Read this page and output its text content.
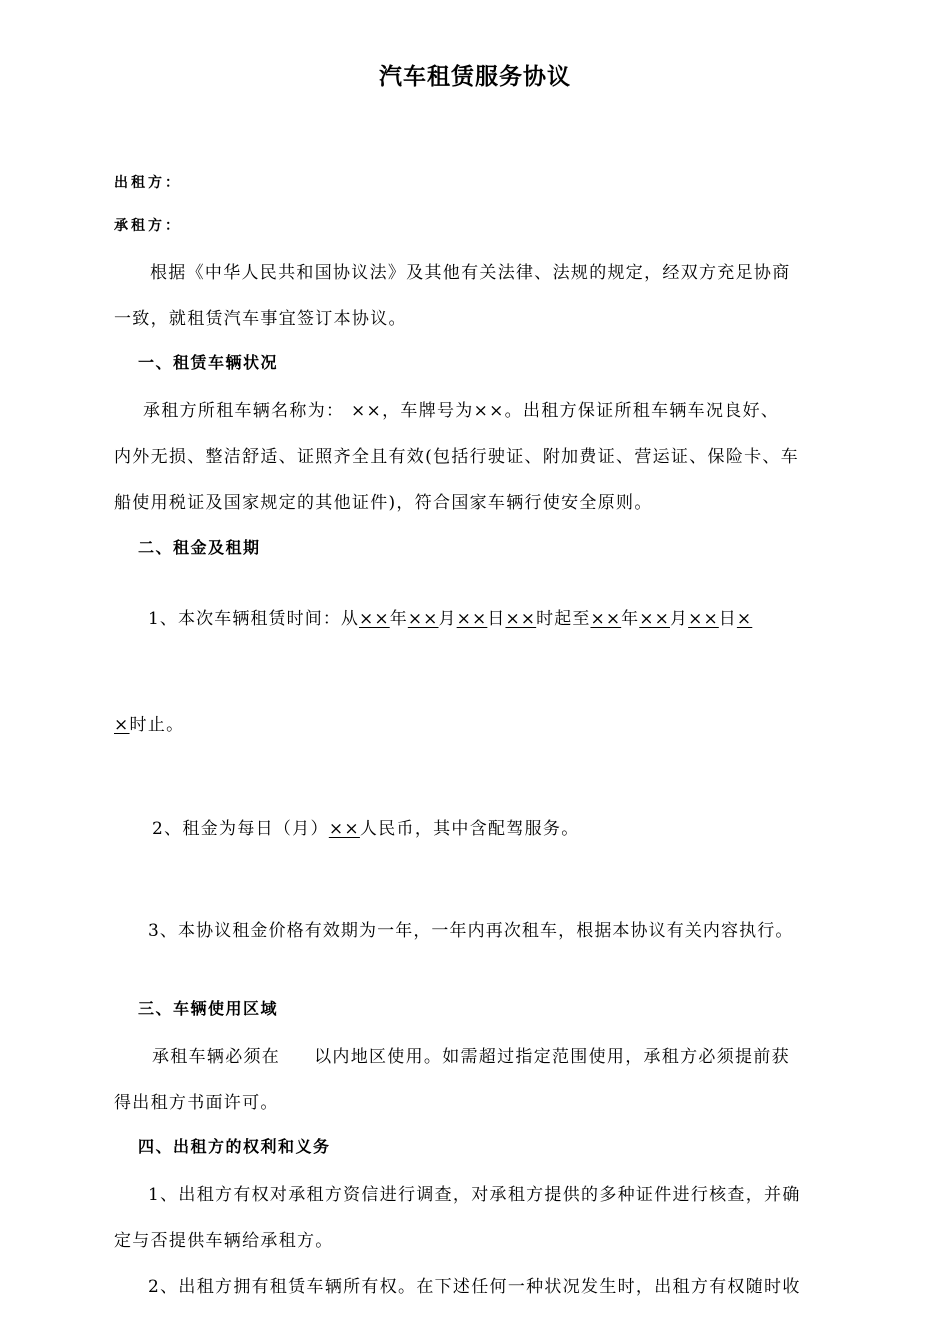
汽车租赁服务协议
出租方：
承租方：
根据《中华人民共和国协议法》及其他有关法律、法规的规定，经双方充足协商
一致，就租赁汽车事宜签订本协议。
一、租赁车辆状况
承租方所租车辆名称为： ××，车牌号为××。出租方保证所租车辆车况良好、
内外无损、整洁舒适、证照齐全且有效(包括行驶证、附加费证、营运证、保险卡、车
船使用税证及国家规定的其他证件)，符合国家车辆行使安全原则。
二、租金及租期
1、本次车辆租赁时间：从××年××月××日××时起至××年××月××日×
×时止。
2、租金为每日（月）××人民币，其中含配驾服务。
3、本协议租金价格有效期为一年，一年内再次租车，根据本协议有关内容执行。
三、车辆使用区域
承租车辆必须在 以内地区使用。如需超过指定范围使用，承租方必须提前获
得出租方书面许可。
四、出租方的权利和义务
1、出租方有权对承租方资信进行调查，对承租方提供的多种证件进行核查，并确
定与否提供车辆给承租方。
2、出租方拥有租赁车辆所有权。在下述任何一种状况发生时，出租方有权随时收
